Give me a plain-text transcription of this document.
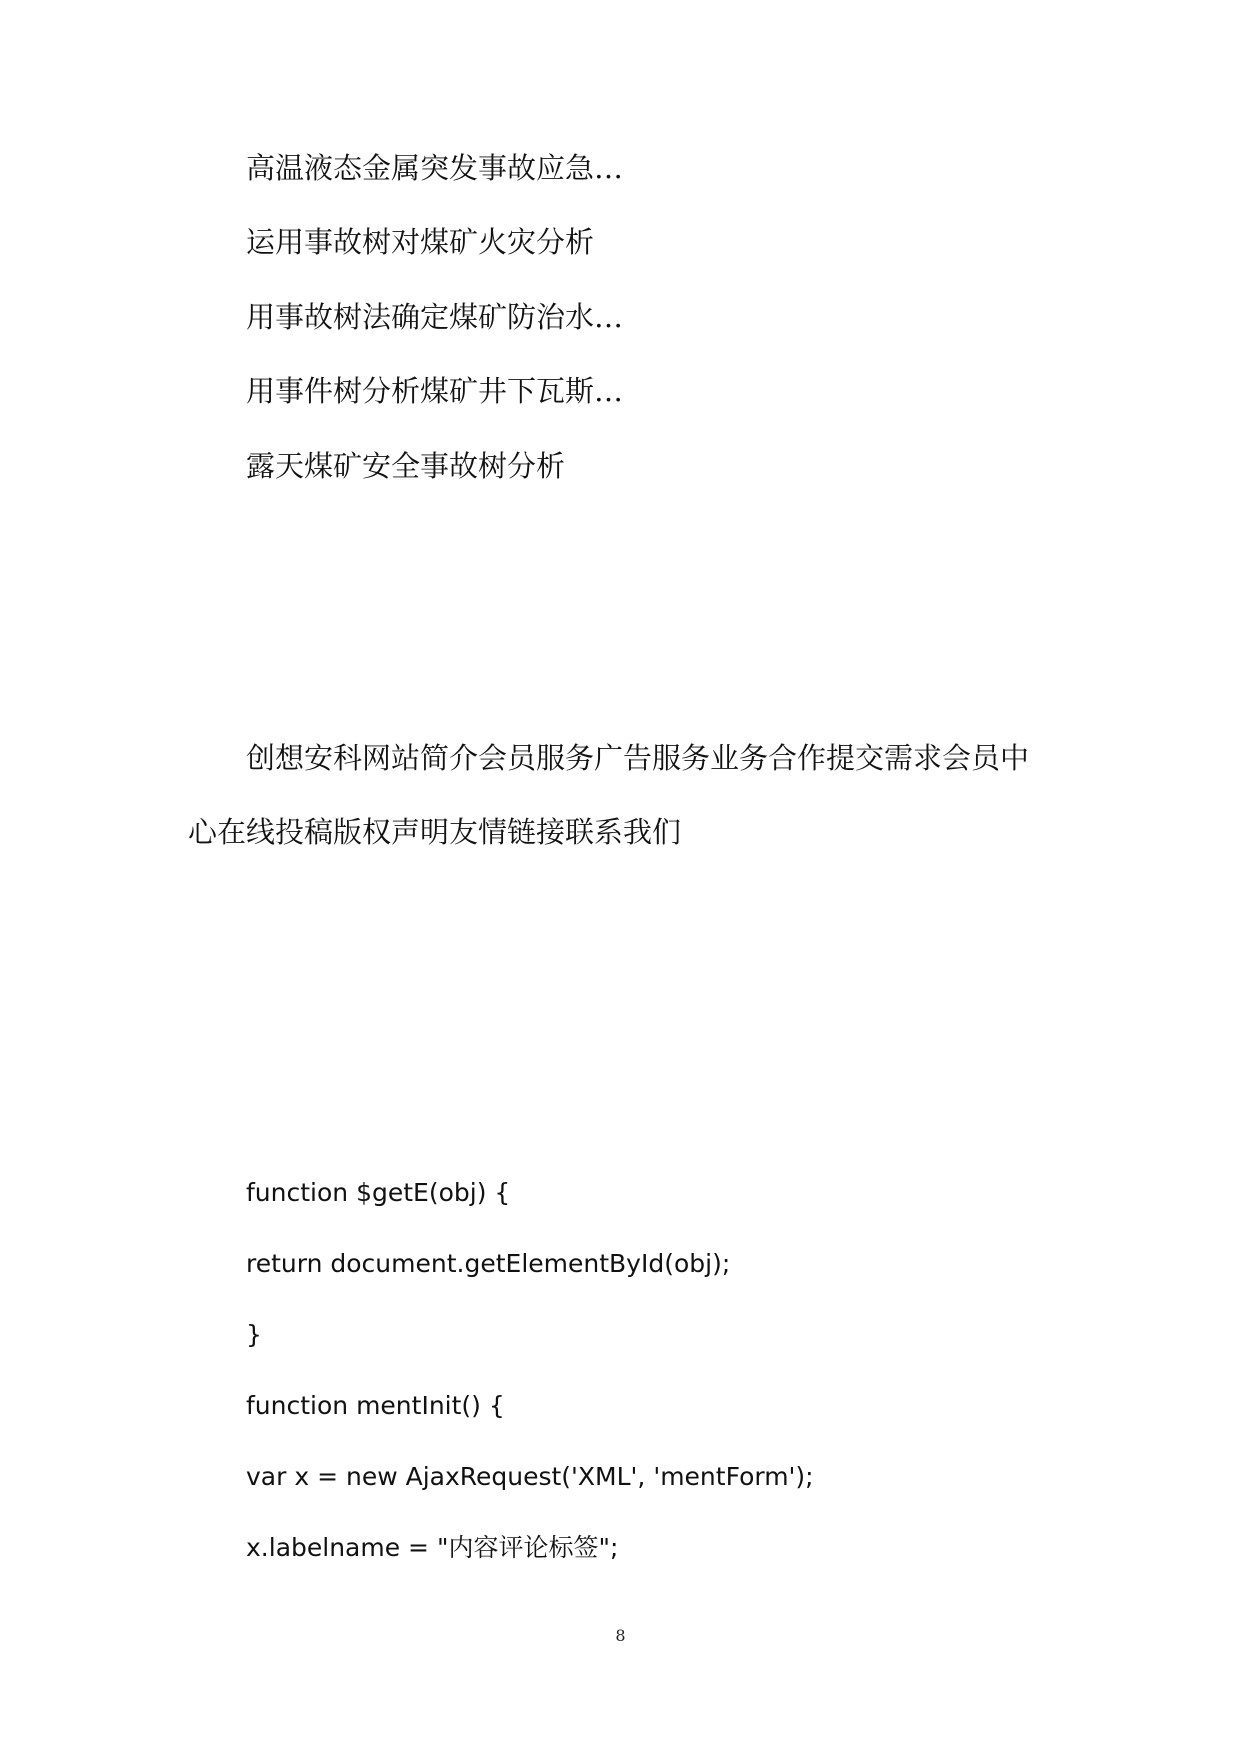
高温液态金属突发事故应急…
运用事故树对煤矿火灾分析
用事故树法确定煤矿防治水…
用事件树分析煤矿井下瓦斯…
露天煤矿安全事故树分析
创想安科网站简介会员服务广告服务业务合作提交需求会员中
心在线投稿版权声明友情链接联系我们
function $getE(obj) {
return document.getElementById(obj);
}
function mentInit() {
var x = new AjaxRequest('XML', 'mentForm');
x.labelname = "内容评论标签";
8
